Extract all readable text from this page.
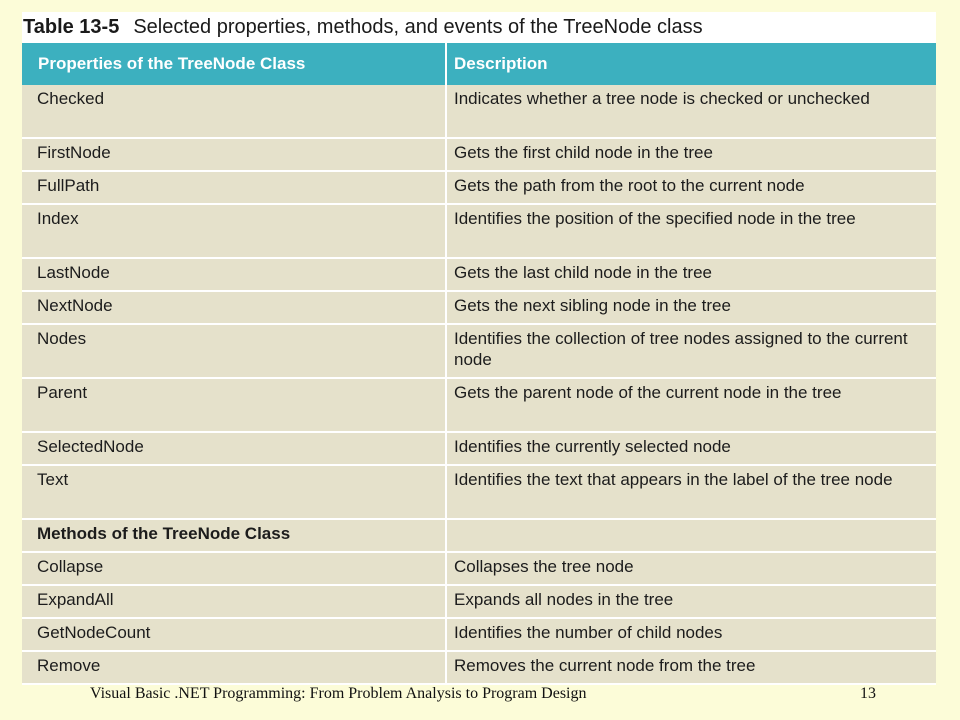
Table 13-5 Selected properties, methods, and events of the TreeNode class
Properties of the TreeNode Class	Description
Checked	Indicates whether a tree node is checked or unchecked
FirstNode	Gets the first child node in the tree
FullPath	Gets the path from the root to the current node
Index	Identifies the position of the specified node in the tree
LastNode	Gets the last child node in the tree
NextNode	Gets the next sibling node in the tree
Nodes	Identifies the collection of tree nodes assigned to the current node
Parent	Gets the parent node of the current node in the tree
SelectedNode	Identifies the currently selected node
Text	Identifies the text that appears in the label of the tree node
Methods of the TreeNode Class	
Collapse	Collapses the tree node
ExpandAll	Expands all nodes in the tree
GetNodeCount	Identifies the number of child nodes
Remove	Removes the current node from the tree
Visual Basic .NET Programming: From Problem Analysis to Program Design	13
